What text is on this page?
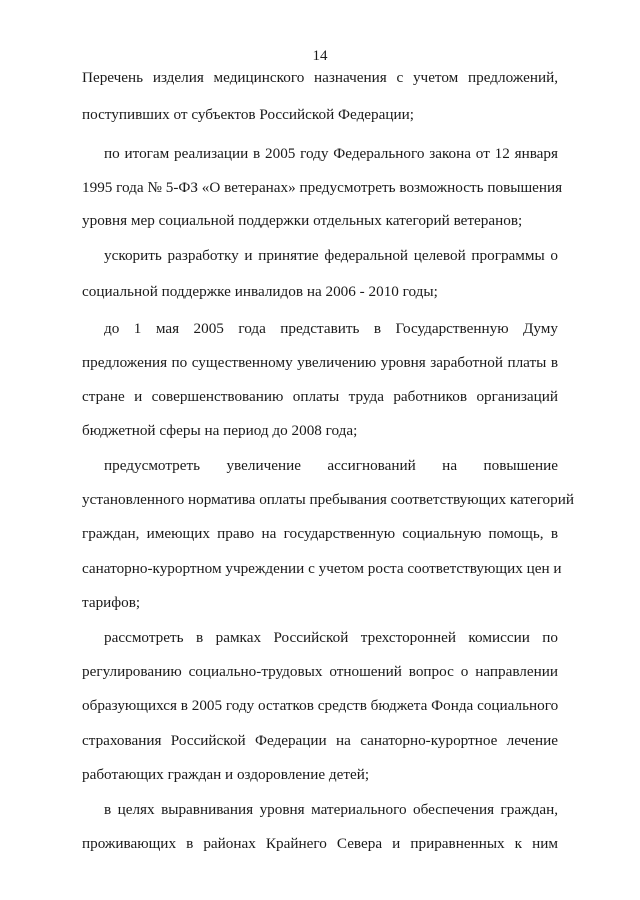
14
Перечень изделия медицинского назначения с учетом предложений,
поступивших от субъектов Российской Федерации;
по итогам реализации в 2005 году Федерального закона от 12 января
1995 года № 5-ФЗ «О ветеранах» предусмотреть возможность повышения
уровня мер социальной поддержки отдельных категорий ветеранов;
ускорить разработку и принятие федеральной целевой программы о
социальной поддержке инвалидов на 2006 - 2010 годы;
до 1 мая 2005 года представить в Государственную Думу
предложения по существенному увеличению уровня заработной платы в
стране и совершенствованию оплаты труда работников организаций
бюджетной сферы на период до 2008 года;
предусмотреть увеличение ассигнований на повышение
установленного норматива оплаты пребывания соответствующих категорий
граждан, имеющих право на государственную социальную помощь, в
санаторно-курортном учреждении с учетом роста соответствующих цен и
тарифов;
рассмотреть в рамках Российской трехсторонней комиссии по
регулированию социально-трудовых отношений вопрос о направлении
образующихся в 2005 году остатков средств бюджета Фонда социального
страхования Российской Федерации на санаторно-курортное лечение
работающих граждан и оздоровление детей;
в целях выравнивания уровня материального обеспечения граждан,
проживающих в районах Крайнего Севера и приравненных к ним
